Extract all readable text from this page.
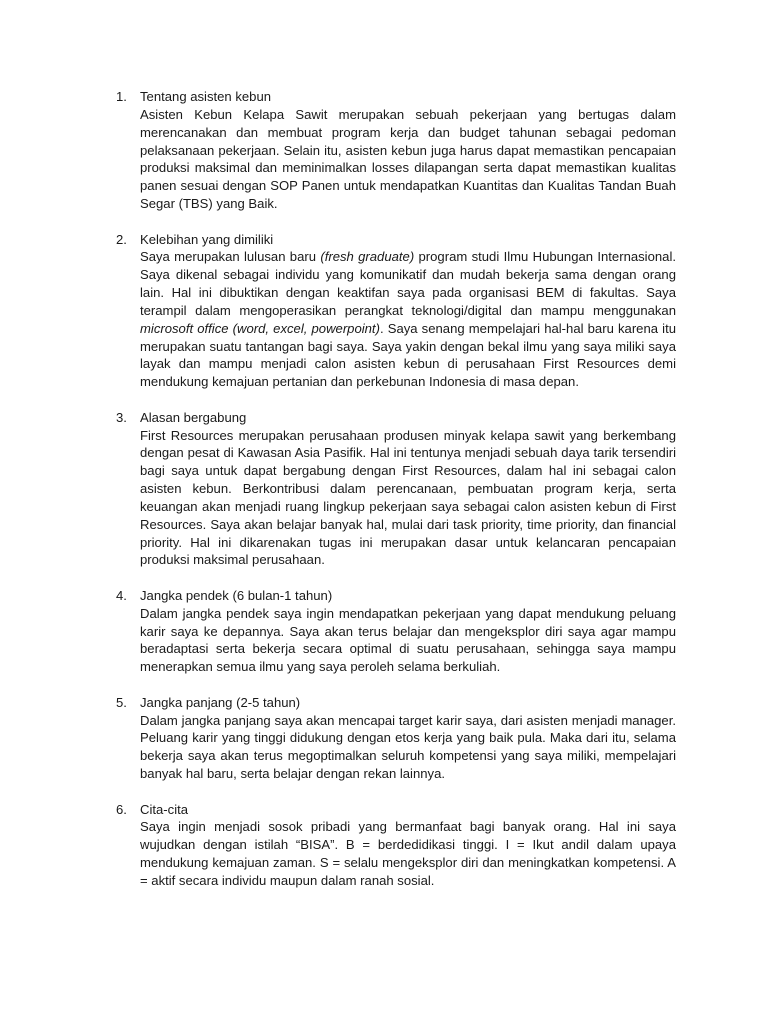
1. Tentang asisten kebun

Asisten Kebun Kelapa Sawit merupakan sebuah pekerjaan yang bertugas dalam merencanakan dan membuat program kerja dan budget tahunan sebagai pedoman pelaksanaan pekerjaan. Selain itu, asisten kebun juga harus dapat memastikan pencapaian produksi maksimal dan meminimalkan losses dilapangan serta dapat memastikan kualitas panen sesuai dengan SOP Panen untuk mendapatkan Kuantitas dan Kualitas Tandan Buah Segar (TBS) yang Baik.

2. Kelebihan yang dimiliki

Saya merupakan lulusan baru (fresh graduate) program studi Ilmu Hubungan Internasional. Saya dikenal sebagai individu yang komunikatif dan mudah bekerja sama dengan orang lain. Hal ini dibuktikan dengan keaktifan saya pada organisasi BEM di fakultas. Saya terampil dalam mengoperasikan perangkat teknologi/digital dan mampu menggunakan microsoft office (word, excel, powerpoint). Saya senang mempelajari hal-hal baru karena itu merupakan suatu tantangan bagi saya. Saya yakin dengan bekal ilmu yang saya miliki saya layak dan mampu menjadi calon asisten kebun di perusahaan First Resources demi mendukung kemajuan pertanian dan perkebunan Indonesia di masa depan.

3. Alasan bergabung

First Resources merupakan perusahaan produsen minyak kelapa sawit yang berkembang dengan pesat di Kawasan Asia Pasifik. Hal ini tentunya menjadi sebuah daya tarik tersendiri bagi saya untuk dapat bergabung dengan First Resources, dalam hal ini sebagai calon asisten kebun. Berkontribusi dalam perencanaan, pembuatan program kerja, serta keuangan akan menjadi ruang lingkup pekerjaan saya sebagai calon asisten kebun di First Resources. Saya akan belajar banyak hal, mulai dari task priority, time priority, dan financial priority. Hal ini dikarenakan tugas ini merupakan dasar untuk kelancaran pencapaian produksi maksimal perusahaan.

4. Jangka pendek (6 bulan-1 tahun)

Dalam jangka pendek saya ingin mendapatkan pekerjaan yang dapat mendukung peluang karir saya ke depannya. Saya akan terus belajar dan mengeksplor diri saya agar mampu beradaptasi serta bekerja secara optimal di suatu perusahaan, sehingga saya mampu menerapkan semua ilmu yang saya peroleh selama berkuliah.

5. Jangka panjang (2-5 tahun)

Dalam jangka panjang saya akan mencapai target karir saya, dari asisten menjadi manager. Peluang karir yang tinggi didukung dengan etos kerja yang baik pula. Maka dari itu, selama bekerja saya akan terus megoptimalkan seluruh kompetensi yang saya miliki, mempelajari banyak hal baru, serta belajar dengan rekan lainnya.

6. Cita-cita

Saya ingin menjadi sosok pribadi yang bermanfaat bagi banyak orang. Hal ini saya wujudkan dengan istilah “BISA”. B = berdedidikasi tinggi. I = Ikut andil dalam upaya mendukung kemajuan zaman. S = selalu mengeksplor diri dan meningkatkan kompetensi. A = aktif secara individu maupun dalam ranah sosial.
